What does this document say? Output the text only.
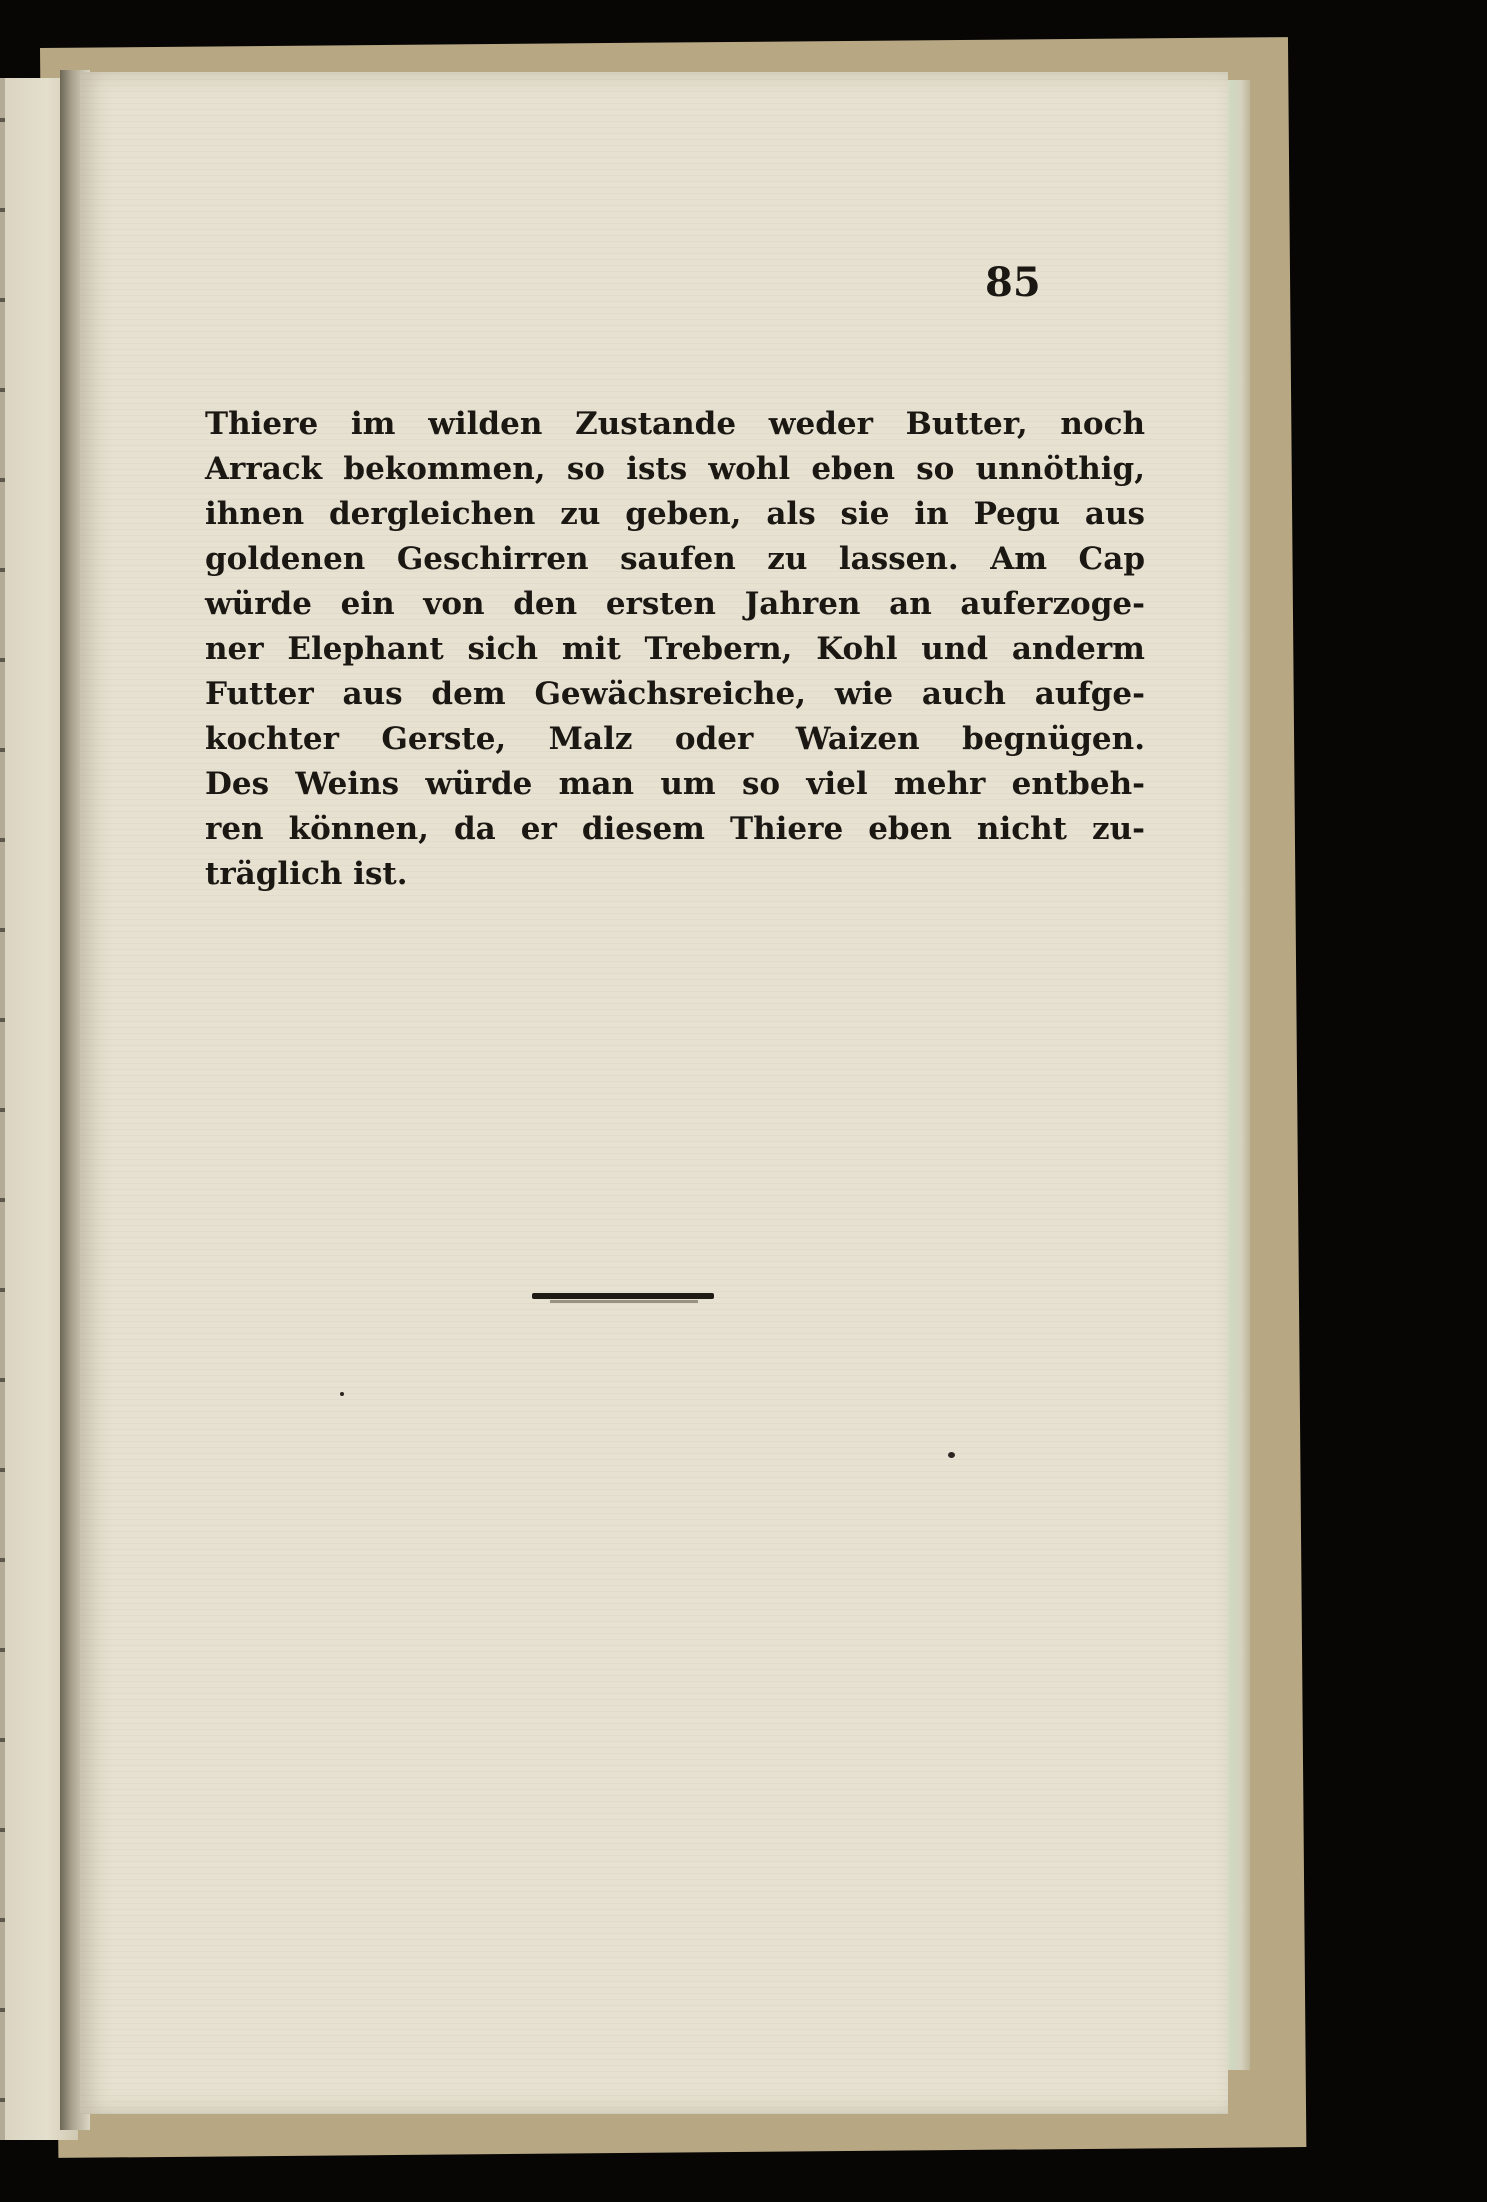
85

Thiere im wilden Zustande weder Butter, noch
Arrack bekommen, so ists wohl eben so unnöthig,
ihnen dergleichen zu geben, als sie in Pegu aus
goldenen Geschirren saufen zu lassen. Am Cap
würde ein von den ersten Jahren an auferzoge-
ner Elephant sich mit Trebern, Kohl und anderm
Futter aus dem Gewächsreiche, wie auch aufge-
kochter Gerste, Malz oder Waizen begnügen.
Des Weins würde man um so viel mehr entbeh-
ren können, da er diesem Thiere eben nicht zu-
träglich ist.
